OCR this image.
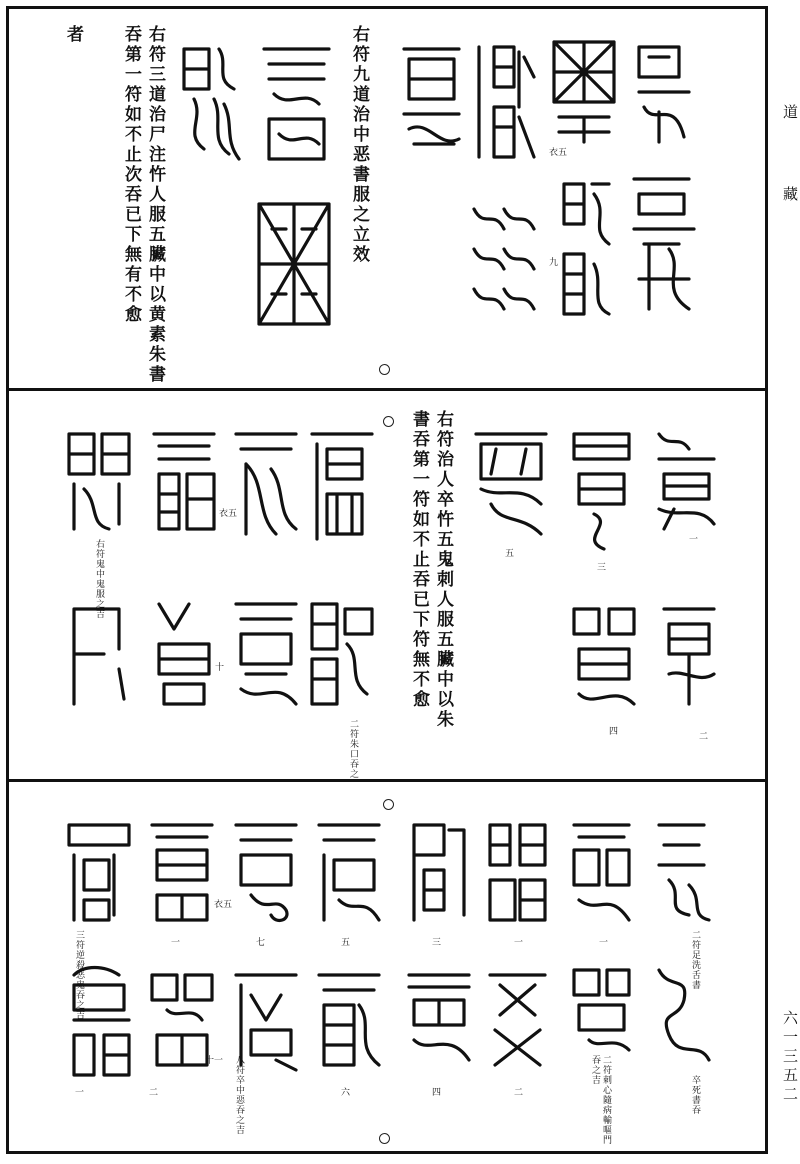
右符九道治中恶書服之立效
右符三道治尸注忤人服五臟中以黄素朱書吞第一符如不止次吞已下無有不愈
者
衣五
九
右符治人卒忤五鬼刺人服五臟中以朱書吞第一符如不止吞已下符無不愈
二符朱口吞之
右符鬼中鬼服之吉	一
三
五
二
四
十
衣五
二符足洗舌書
卒死書吞
二符刺心隨病輸嘔門吞之吉
八符卒中惡吞之吉
三符逆殺恶鬼吞之吉	一
一
三
五
七
一
衣五
二
四
六
十一
二
一
道
藏
六一三五二
